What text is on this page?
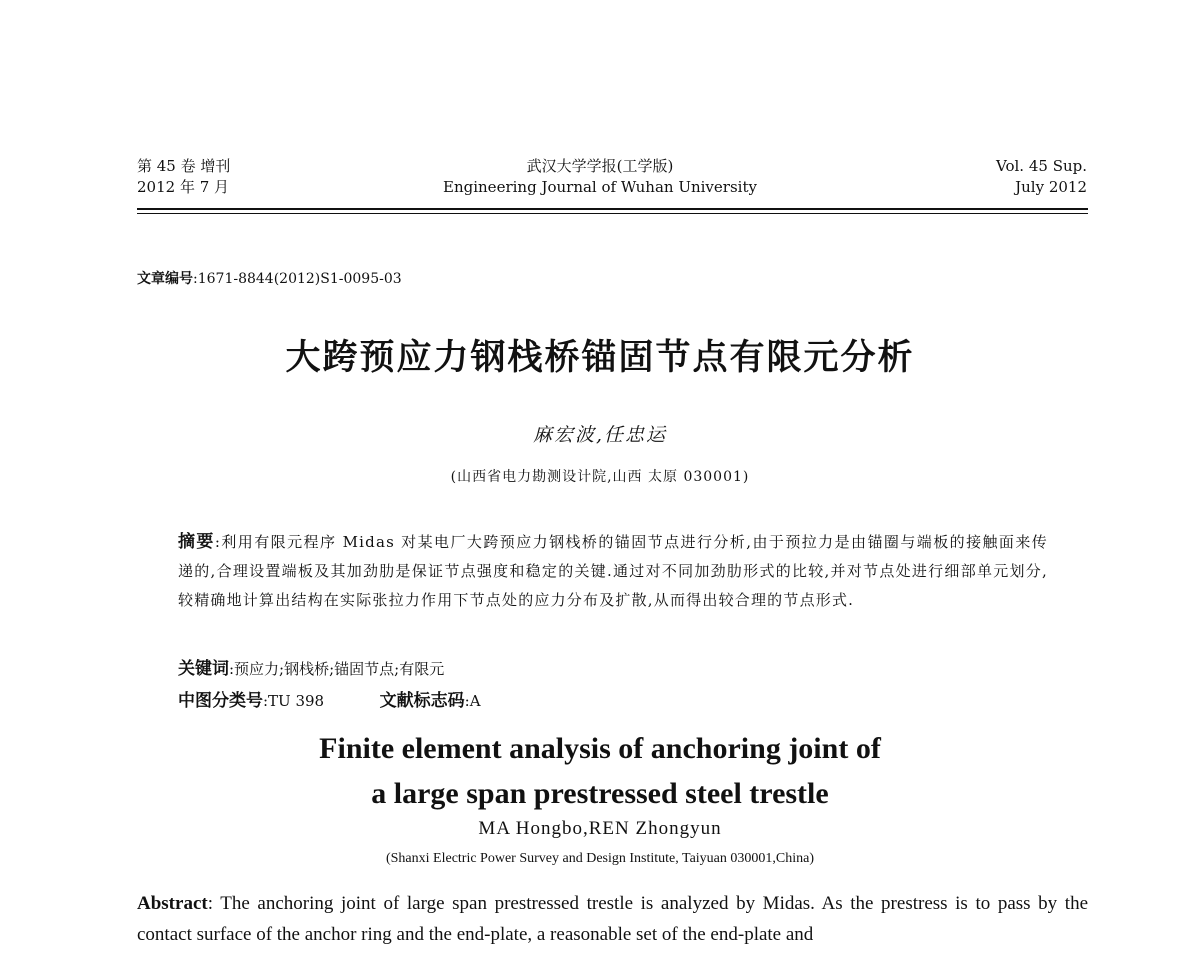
第 45 卷 增刊
2012 年 7 月
武汉大学学报(工学版)
Engineering Journal of Wuhan University
Vol. 45 Sup.
July 2012
文章编号:1671-8844(2012)S1-0095-03
大跨预应力钢栈桥锚固节点有限元分析
麻宏波,任忠运
(山西省电力勘测设计院,山西 太原 030001)
摘要:利用有限元程序 Midas 对某电厂大跨预应力钢栈桥的锚固节点进行分析,由于预拉力是由锚圈与端板的接触面来传递的,合理设置端板及其加劲肋是保证节点强度和稳定的关键.通过对不同加劲肋形式的比较,并对节点处进行细部单元划分,较精确地计算出结构在实际张拉力作用下节点处的应力分布及扩散,从而得出较合理的节点形式.
关键词:预应力;钢栈桥;锚固节点;有限元
中图分类号:TU 398	文献标志码:A
Finite element analysis of anchoring joint of
a large span prestressed steel trestle
MA Hongbo,REN Zhongyun
(Shanxi Electric Power Survey and Design Institute, Taiyuan 030001,China)
Abstract: The anchoring joint of large span prestressed trestle is analyzed by Midas. As the prestress is to pass by the contact surface of the anchor ring and the end-plate, a reasonable set of the end-plate and
